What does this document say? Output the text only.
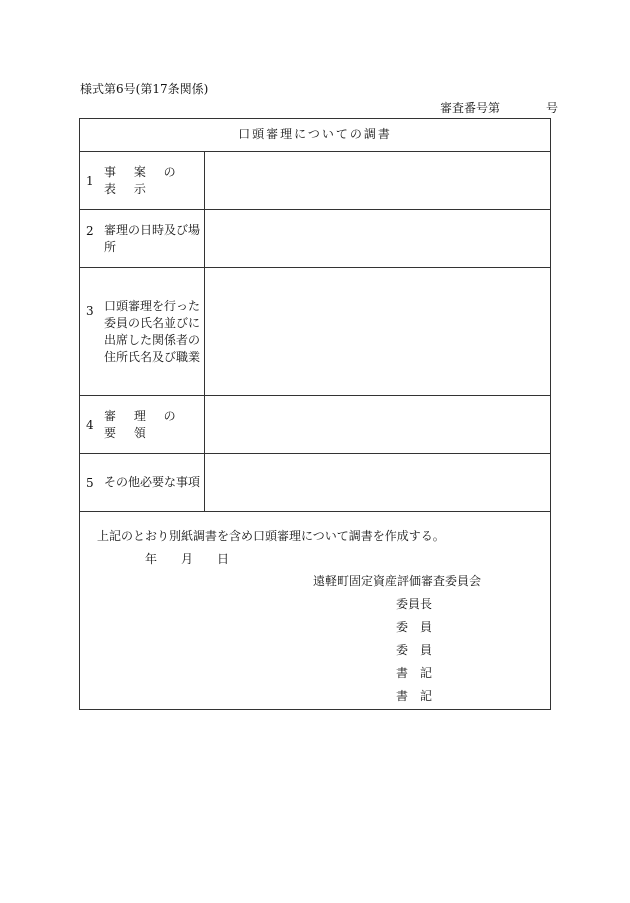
様式第6号(第17条関係)
審査番号第	号
口頭審理についての調書
1
事 案 の 表 示
2 審理の日時及び場所
3 口頭審理を行った委員の氏名並びに出席した関係者の住所氏名及び職業
4
審 理 の 要 領
5 その他必要な事項
上記のとおり別紙調書を含め口頭審理について調書を作成する。
年 月 日
遠軽町固定資産評価審査委員会
委員長
委　員
委　員
書　記
書　記
